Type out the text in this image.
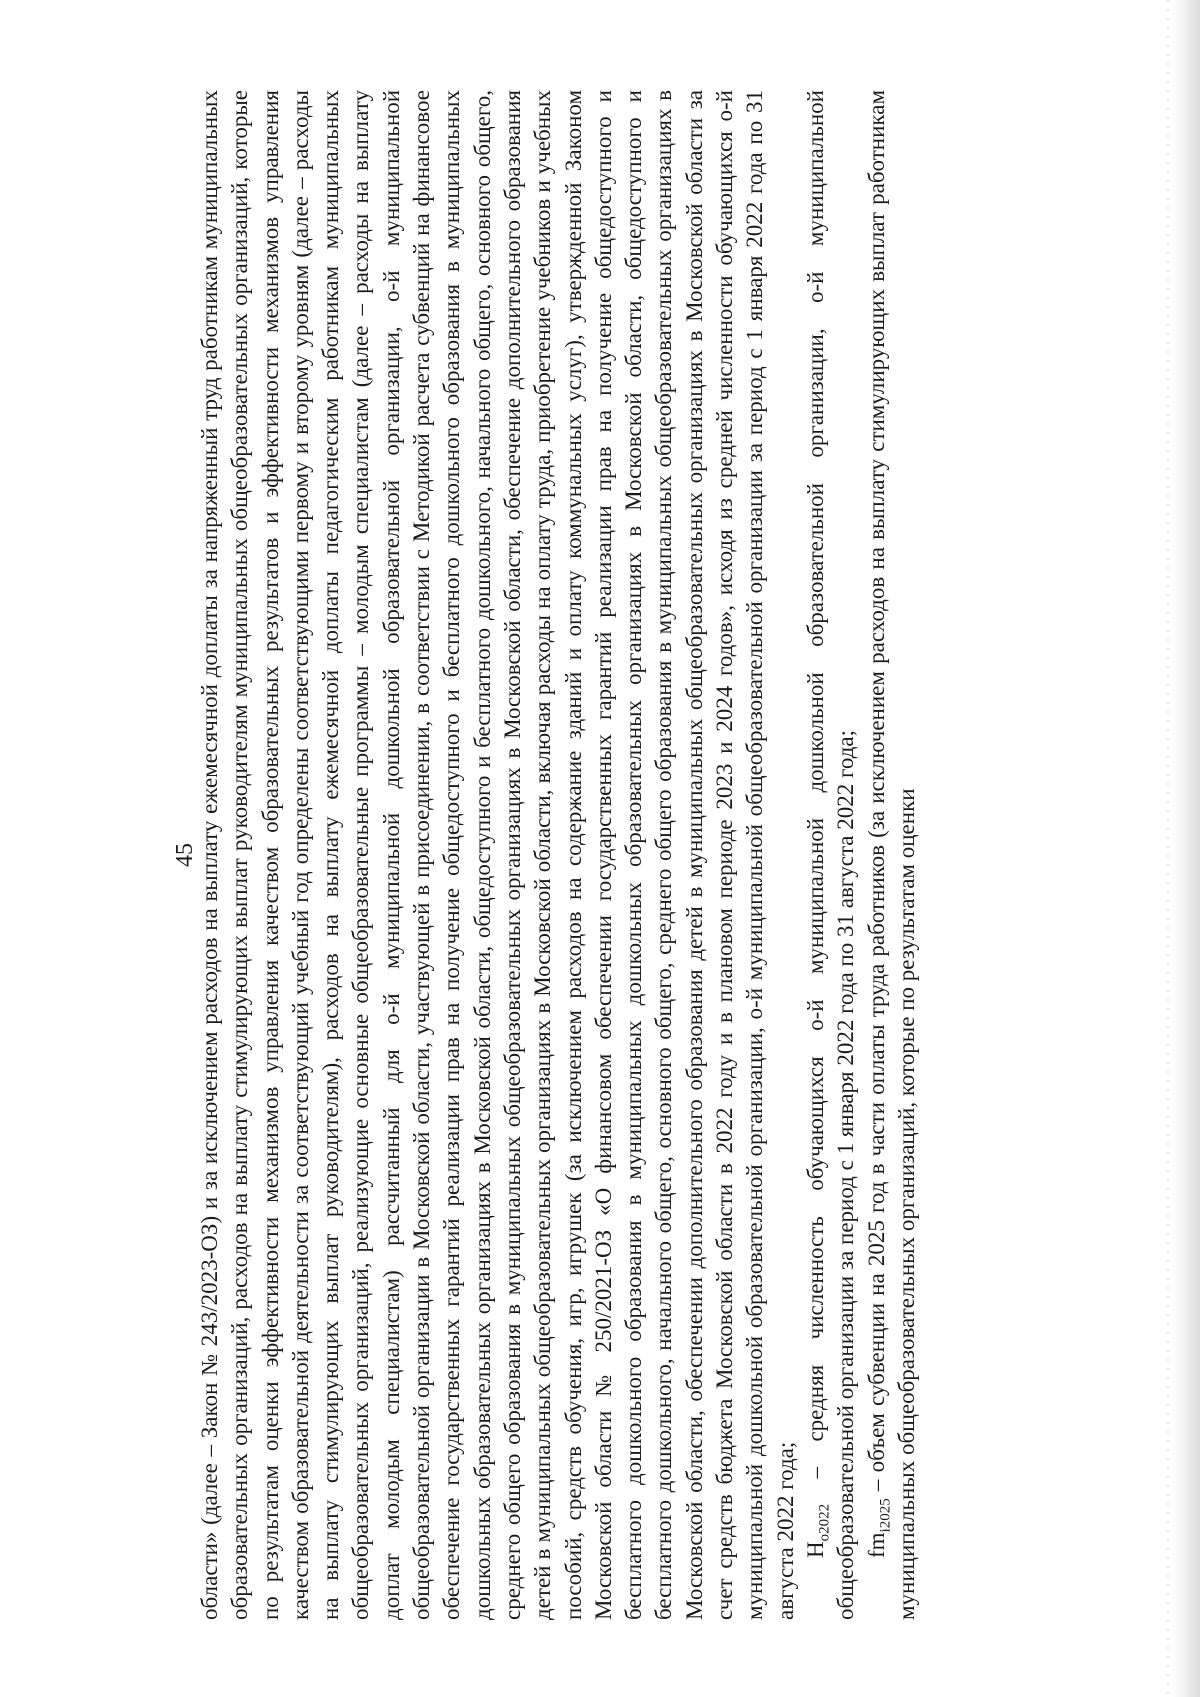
45 области» (далее – Закон № 243/2023-ОЗ) и за исключением расходов на выплату ежемесячной доплаты за напряженный труд работникам муниципальных образовательных организаций, расходов на выплату стимулирующих выплат руководителям муниципальных общеобразовательных организаций, которые по результатам оценки эффективности механизмов управления качеством образовательных результатов и эффективности механизмов управления качеством образовательной деятельности за соответствующий учебный год определены соответствующими первому и второму уровням (далее – расходы на выплату стимулирующих выплат руководителям), расходов на выплату ежемесячной доплаты педагогическим работникам муниципальных общеобразовательных организаций, реализующие основные общеобразовательные программы – молодым специалистам (далее – расходы на выплату доплат молодым специалистам) рассчитанный для о-й муниципальной дошкольной образовательной организации, о-й муниципальной общеобразовательной организации в Московской области, участвующей в присоединении, в соответствии с Методикой расчета субвенций на финансовое обеспечение государственных гарантий реализации прав на получение общедоступного и бесплатного дошкольного образования в муниципальных дошкольных образовательных организациях в Московской области, общедоступного и бесплатного дошкольного, начального общего, основного общего, среднего общего образования в муниципальных общеобразовательных организациях в Московской области, обеспечение дополнительного образования детей в муниципальных общеобразовательных организациях в Московской области, включая расходы на оплату труда, приобретение учебников и учебных пособий, средств обучения, игр, игрушек (за исключением расходов на содержание зданий и оплату коммунальных услуг), утвержденной Законом Московской области № 250/2021-ОЗ «О финансовом обеспечении государственных гарантий реализации прав на получение общедоступного и бесплатного дошкольного образования в муниципальных дошкольных образовательных организациях в Московской области, общедоступного и бесплатного дошкольного, начального общего, основного общего, среднего общего образования в муниципальных общеобразовательных организациях в Московской области, обеспечении дополнительного образования детей в муниципальных общеобразовательных организациях в Московской области за счет средств бюджета Московской области в 2022 году и в плановом периоде 2023 и 2024 годов», исходя из средней численности обучающихся о-й муниципальной дошкольной образовательной организации, о-й муниципальной общеобразовательной организации за период с 1 января 2022 года по 31 августа 2022 года; $Н_{o2022}$ – средняя численность обучающихся о-й муниципальной дошкольной образовательной организации, о-й муниципальной общеобразовательной организации за период с 1 января 2022 года по 31 августа 2022 года; $fm_{i2025}$ – объем субвенции на 2025 год в части оплаты труда работников (за исключением расходов на выплату стимулирующих выплат работникам муниципальных общеобразовательных организаций, которые по результатам оценки
